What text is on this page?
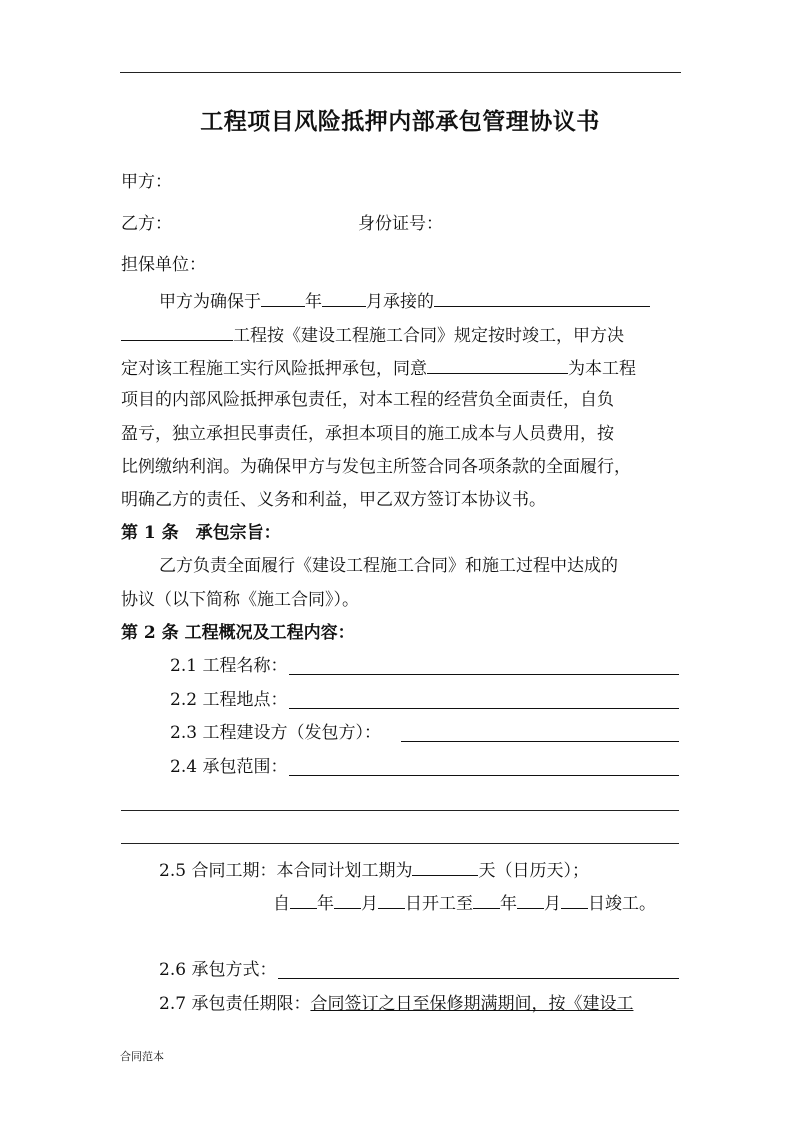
工程项目风险抵押内部承包管理协议书
甲方：
乙方：	身份证号：
担保单位：
甲方为确保于	年	月承接的
工程按《建设工程施工合同》规定按时竣工，甲方决
定对该工程施工实行风险抵押承包，同意	为本工程
项目的内部风险抵押承包责任，对本工程的经营负全面责任，自负
盈亏，独立承担民事责任，承担本项目的施工成本与人员费用，按
比例缴纳利润。为确保甲方与发包主所签合同各项条款的全面履行，
明确乙方的责任、义务和利益，甲乙双方签订本协议书。
第 1 条　承包宗旨：
乙方负责全面履行《建设工程施工合同》和施工过程中达成的
协议（以下简称《施工合同》）。
第 2 条 工程概况及工程内容：
2.1 工程名称：
2.2 工程地点：
2.3 工程建设方（发包方）：
2.4 承包范围：
2.5 合同工期：本合同计划工期为	天（日历天）；
自 年 月 日开工至 年 月 日竣工。
2.6 承包方式：
2.7 承包责任期限：合同签订之日至保修期满期间，按《建设工
合同范本
